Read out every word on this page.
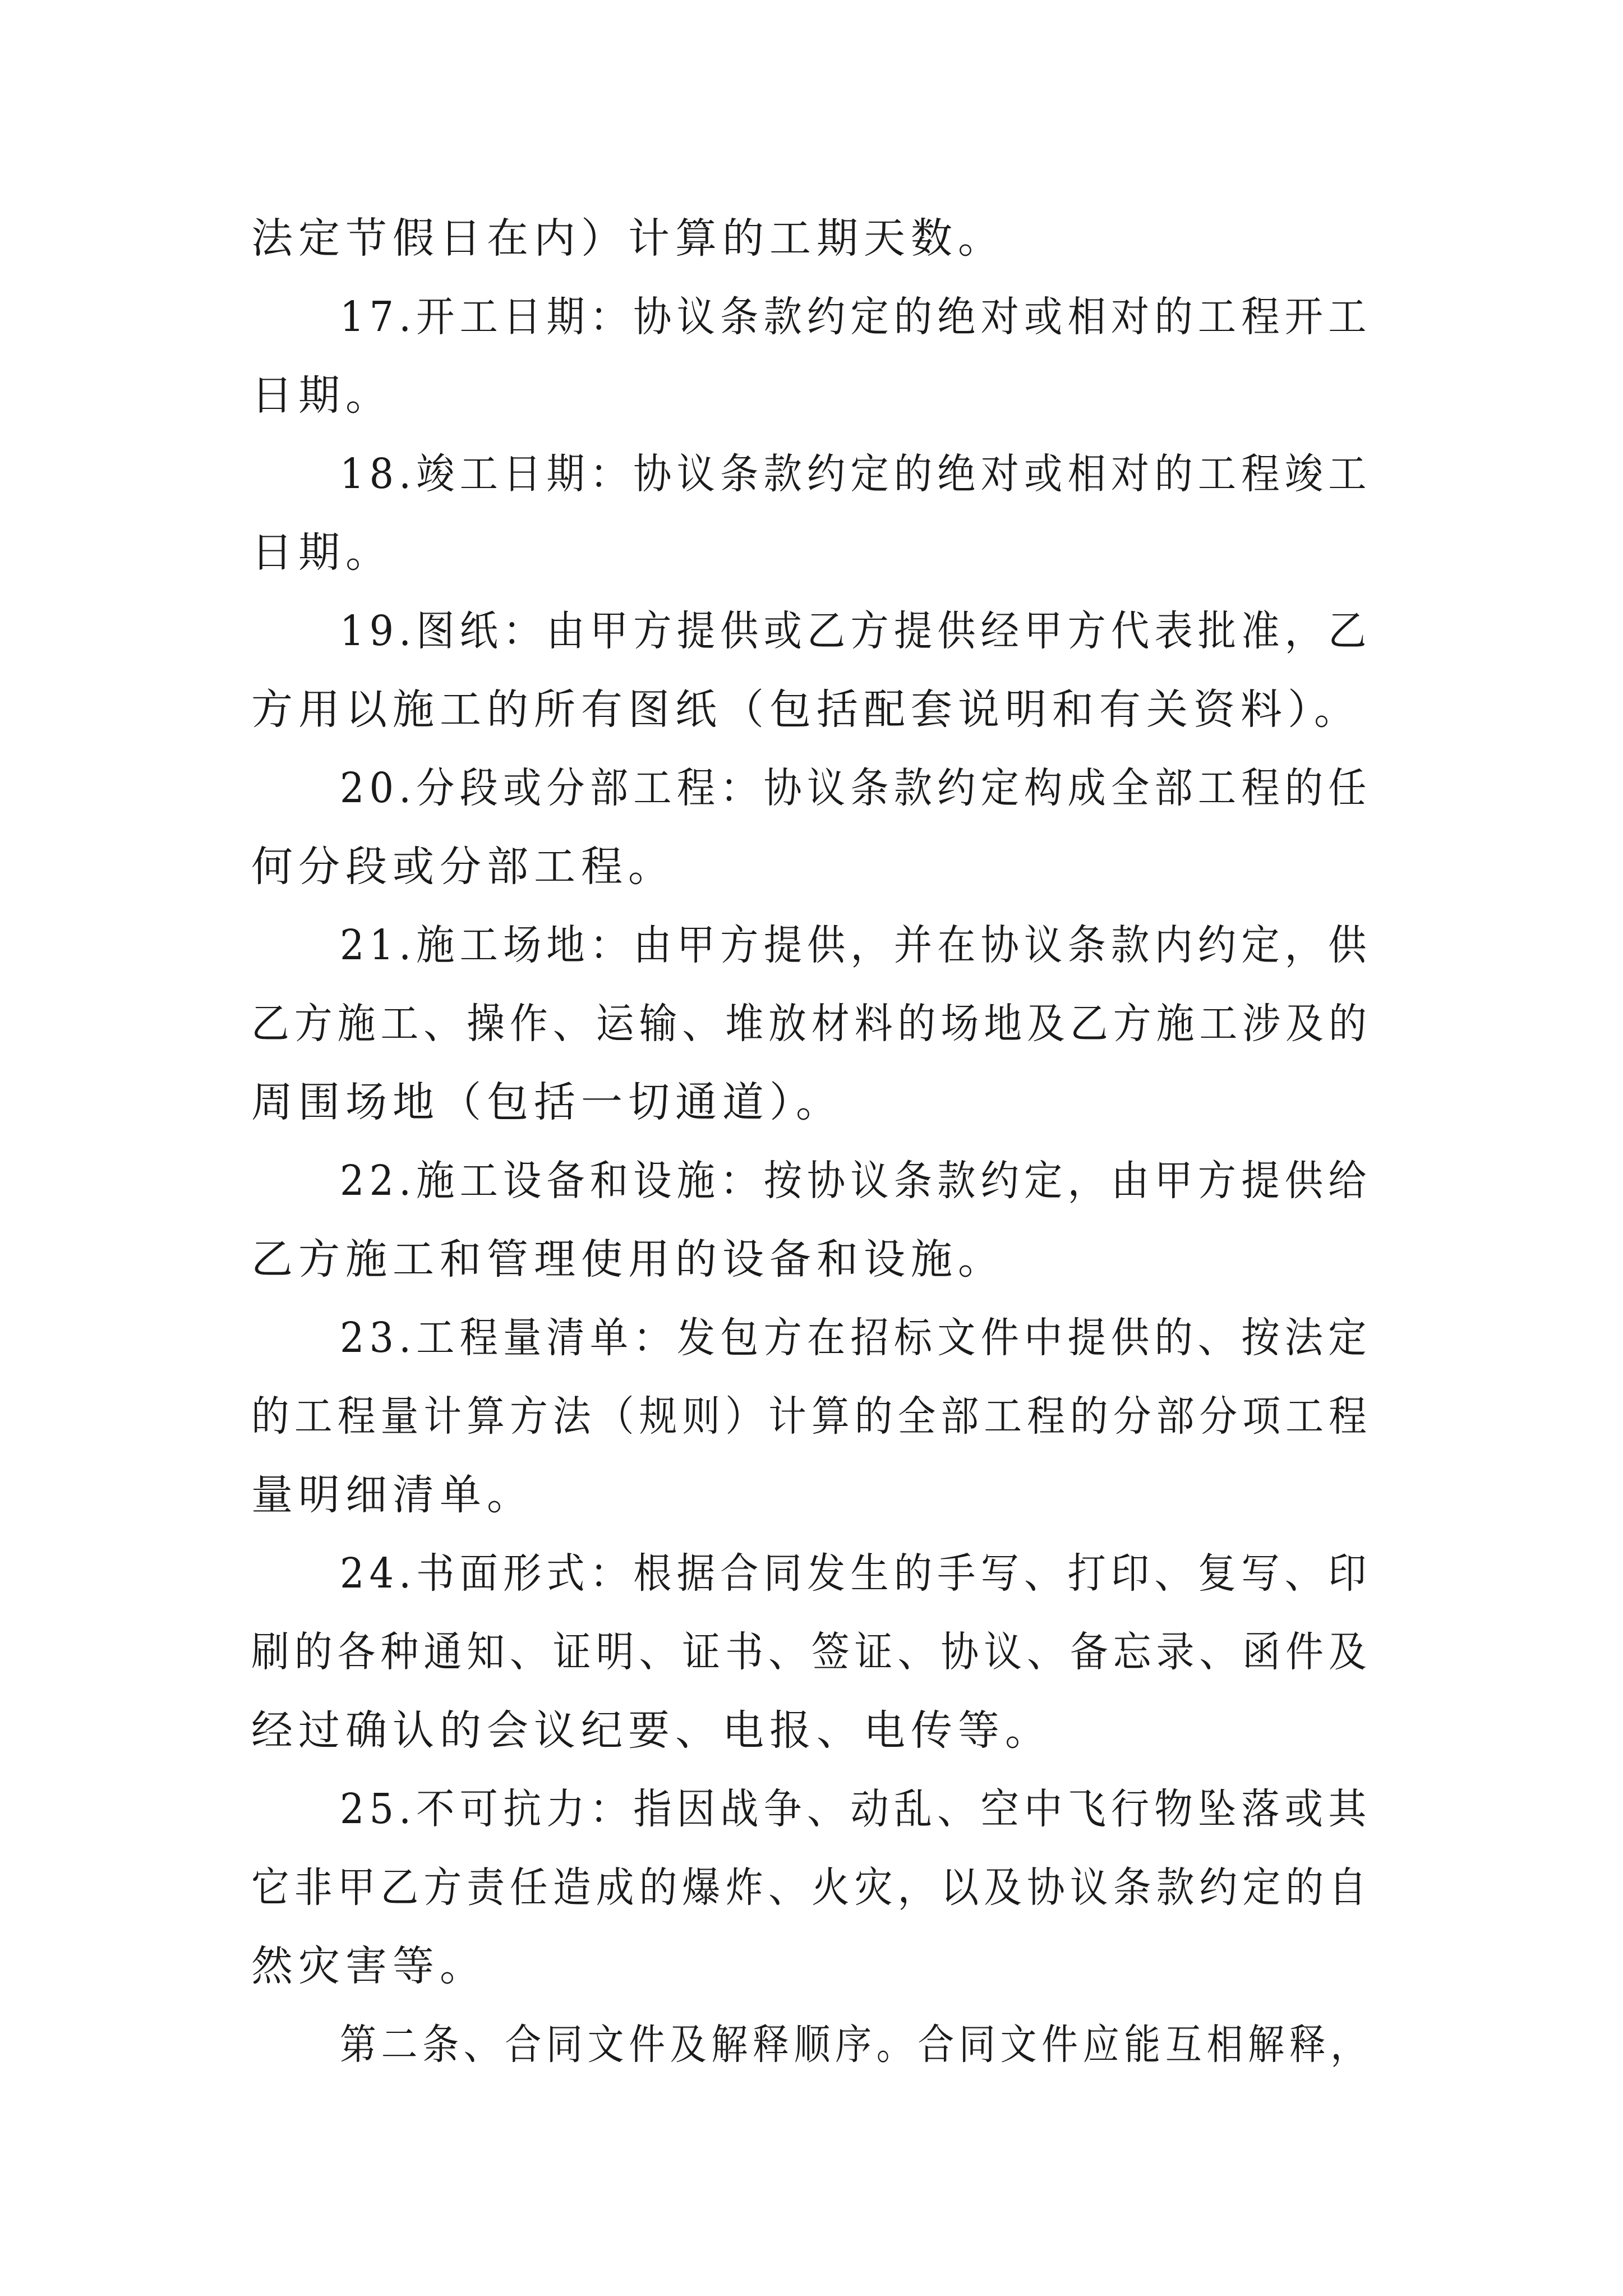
法定节假日在内）计算的工期天数。
17.开工日期：协议条款约定的绝对或相对的工程开工
日期。
18.竣工日期：协议条款约定的绝对或相对的工程竣工
日期。
19.图纸：由甲方提供或乙方提供经甲方代表批准，乙
方用以施工的所有图纸（包括配套说明和有关资料）。
20.分段或分部工程：协议条款约定构成全部工程的任
何分段或分部工程。
21.施工场地：由甲方提供，并在协议条款内约定，供
乙方施工、操作、运输、堆放材料的场地及乙方施工涉及的
周围场地（包括一切通道）。
22.施工设备和设施：按协议条款约定，由甲方提供给
乙方施工和管理使用的设备和设施。
23.工程量清单：发包方在招标文件中提供的、按法定
的工程量计算方法（规则）计算的全部工程的分部分项工程
量明细清单。
24.书面形式：根据合同发生的手写、打印、复写、印
刷的各种通知、证明、证书、签证、协议、备忘录、函件及
经过确认的会议纪要、电报、电传等。
25.不可抗力：指因战争、动乱、空中飞行物坠落或其
它非甲乙方责任造成的爆炸、火灾，以及协议条款约定的自
然灾害等。
第二条、合同文件及解释顺序。合同文件应能互相解释，
